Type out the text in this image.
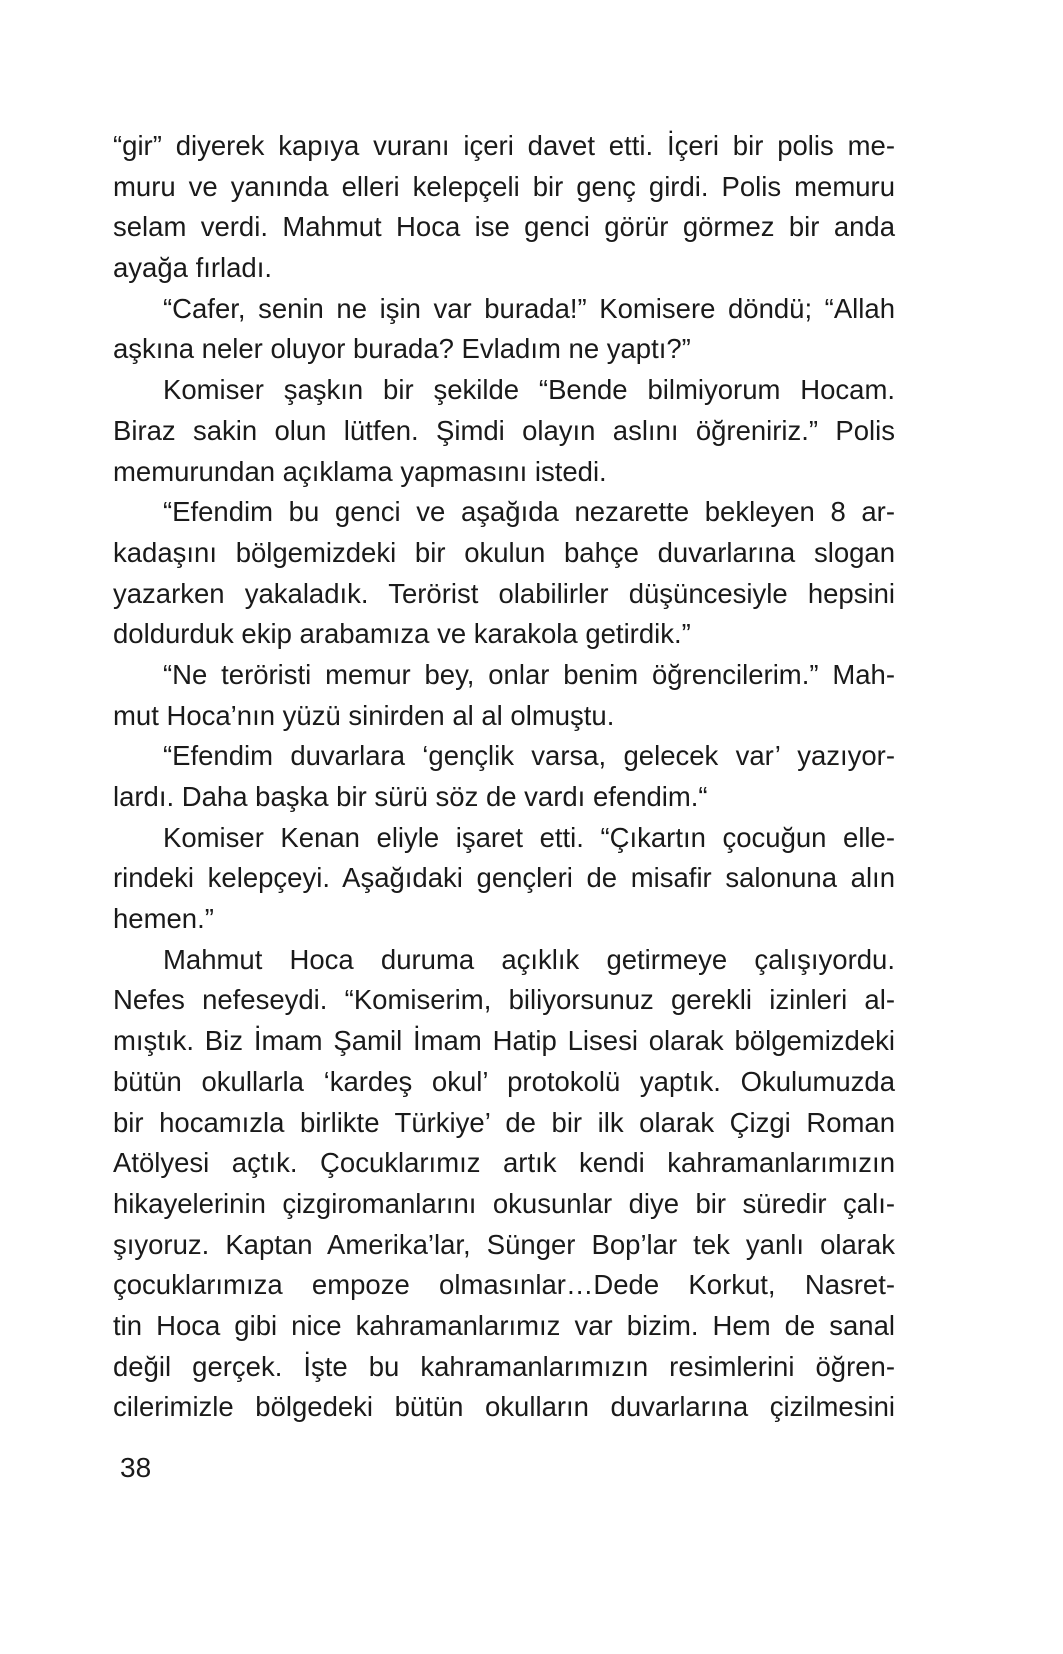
“gir” diyerek kapıya vuranı içeri davet etti. İçeri bir polis me-
muru ve yanında elleri kelepçeli bir genç girdi. Polis memuru
selam verdi. Mahmut Hoca ise genci görür görmez bir anda
ayağa fırladı.
“Cafer, senin ne işin var burada!” Komisere döndü; “Allah
aşkına neler oluyor burada? Evladım ne yaptı?”
Komiser şaşkın bir şekilde “Bende bilmiyorum Hocam.
Biraz sakin olun lütfen. Şimdi olayın aslını öğreniriz.” Polis
memurundan açıklama yapmasını istedi.
“Efendim bu genci ve aşağıda nezarette bekleyen 8 ar-
kadaşını bölgemizdeki bir okulun bahçe duvarlarına slogan
yazarken yakaladık. Terörist olabilirler düşüncesiyle hepsini
doldurduk ekip arabamıza ve karakola getirdik.”
“Ne teröristi memur bey, onlar benim öğrencilerim.” Mah-
mut Hoca’nın yüzü sinirden al al olmuştu.
“Efendim duvarlara ‘gençlik varsa, gelecek var’ yazıyor-
lardı. Daha başka bir sürü söz de vardı efendim.“
Komiser Kenan eliyle işaret etti. “Çıkartın çocuğun elle-
rindeki kelepçeyi. Aşağıdaki gençleri de misafir salonuna alın
hemen.”
Mahmut Hoca duruma açıklık getirmeye çalışıyordu.
Nefes nefeseydi. “Komiserim, biliyorsunuz gerekli izinleri al-
mıştık. Biz İmam Şamil İmam Hatip Lisesi olarak bölgemizdeki
bütün okullarla ‘kardeş okul’ protokolü yaptık. Okulumuzda
bir hocamızla birlikte Türkiye’ de bir ilk olarak Çizgi Roman
Atölyesi açtık. Çocuklarımız artık kendi kahramanlarımızın
hikayelerinin çizgiromanlarını okusunlar diye bir süredir çalı-
şıyoruz. Kaptan Amerika’lar, Sünger Bop’lar tek yanlı olarak
çocuklarımıza empoze olmasınlar…Dede Korkut, Nasret-
tin Hoca gibi nice kahramanlarımız var bizim. Hem de sanal
değil gerçek. İşte bu kahramanlarımızın resimlerini öğren-
cilerimizle bölgedeki bütün okulların duvarlarına çizilmesini
38
